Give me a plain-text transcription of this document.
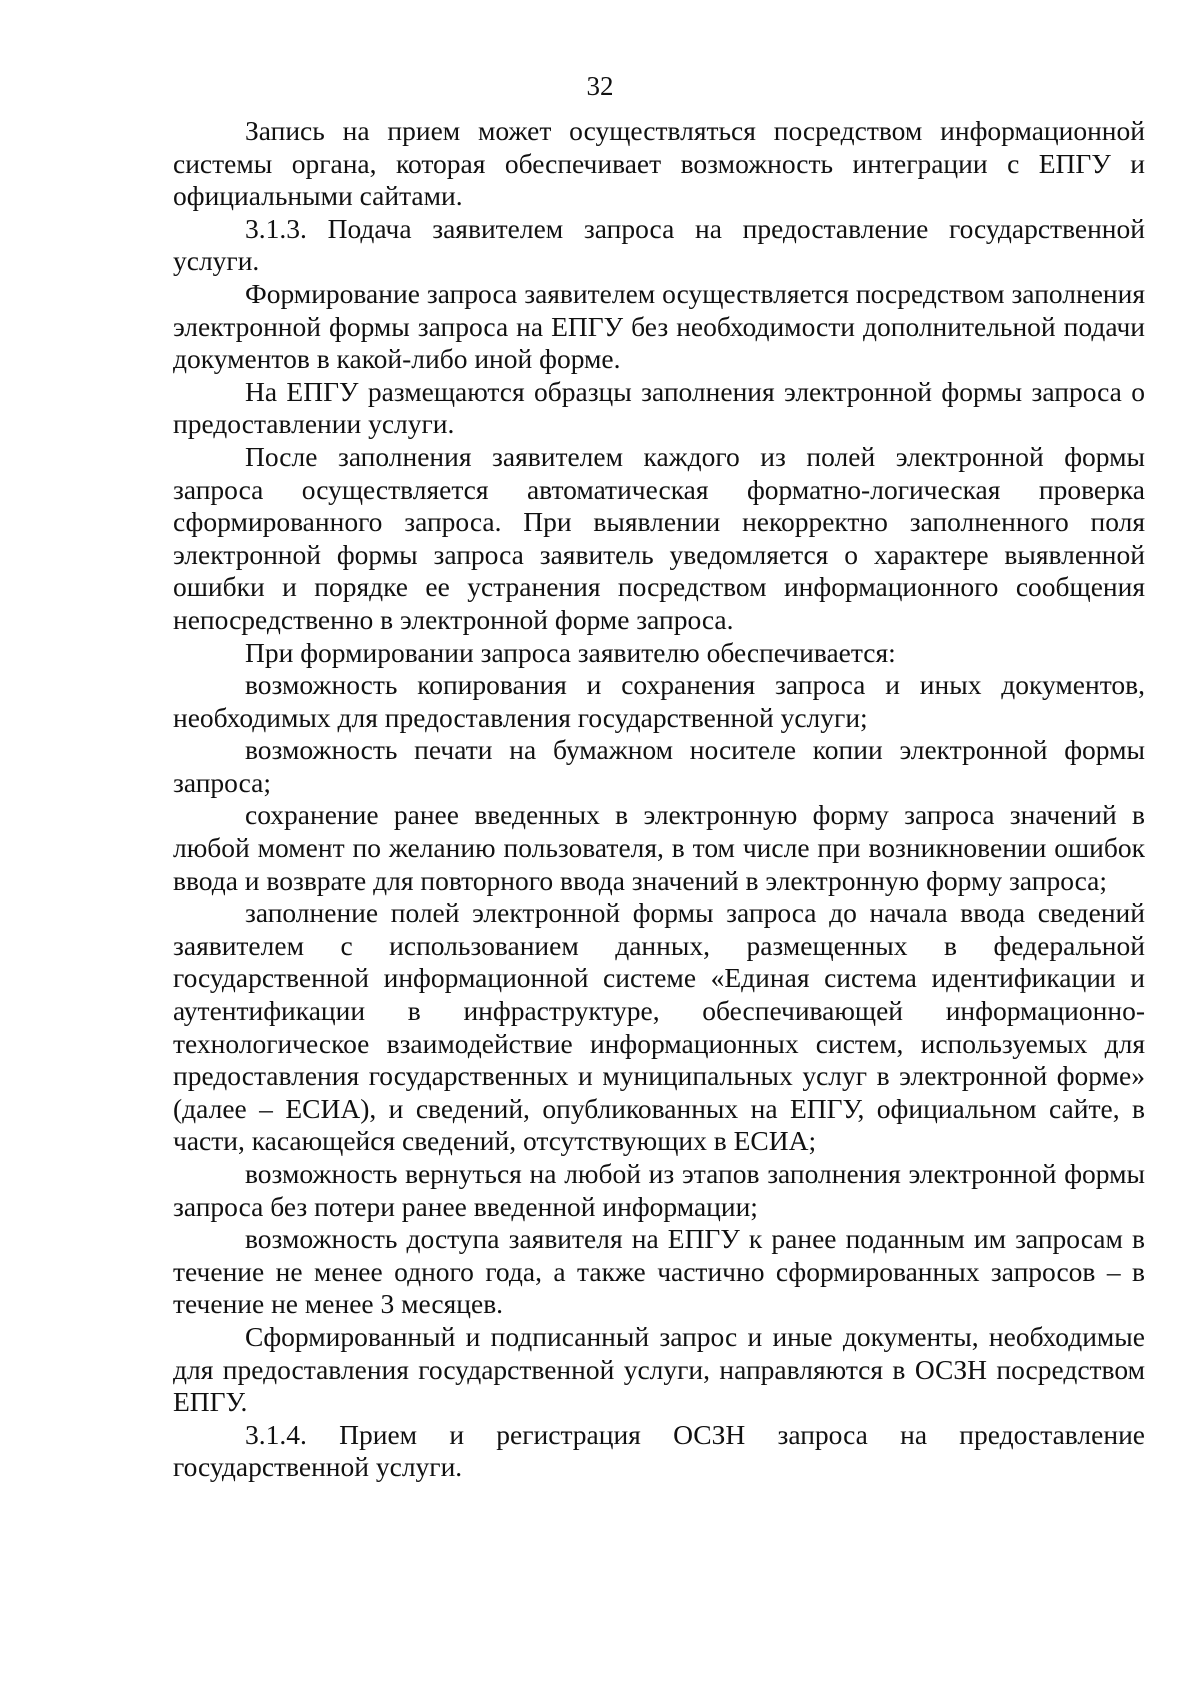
32

Запись на прием может осуществляться посредством информационной системы органа, которая обеспечивает возможность интеграции с ЕПГУ и официальными сайтами.

3.1.3. Подача заявителем запроса на предоставление государственной услуги.

Формирование запроса заявителем осуществляется посредством заполнения электронной формы запроса на ЕПГУ без необходимости дополнительной подачи документов в какой-либо иной форме.

На ЕПГУ размещаются образцы заполнения электронной формы запроса о предоставлении услуги.

После заполнения заявителем каждого из полей электронной формы запроса осуществляется автоматическая форматно-логическая проверка сформированного запроса. При выявлении некорректно заполненного поля электронной формы запроса заявитель уведомляется о характере выявленной ошибки и порядке ее устранения посредством информационного сообщения непосредственно в электронной форме запроса.

При формировании запроса заявителю обеспечивается:

возможность копирования и сохранения запроса и иных документов, необходимых для предоставления государственной услуги;

возможность печати на бумажном носителе копии электронной формы запроса;

сохранение ранее введенных в электронную форму запроса значений в любой момент по желанию пользователя, в том числе при возникновении ошибок ввода и возврате для повторного ввода значений в электронную форму запроса;

заполнение полей электронной формы запроса до начала ввода сведений заявителем с использованием данных, размещенных в федеральной государственной информационной системе «Единая система идентификации и аутентификации в инфраструктуре, обеспечивающей информационно-технологическое взаимодействие информационных систем, используемых для предоставления государственных и муниципальных услуг в электронной форме» (далее – ЕСИА), и сведений, опубликованных на ЕПГУ, официальном сайте, в части, касающейся сведений, отсутствующих в ЕСИА;

возможность вернуться на любой из этапов заполнения электронной формы запроса без потери ранее введенной информации;

возможность доступа заявителя на ЕПГУ к ранее поданным им запросам в течение не менее одного года, а также частично сформированных запросов – в течение не менее 3 месяцев.

Сформированный и подписанный запрос и иные документы, необходимые для предоставления государственной услуги, направляются в ОСЗН посредством ЕПГУ.

3.1.4. Прием и регистрация ОСЗН запроса на предоставление государственной услуги.
